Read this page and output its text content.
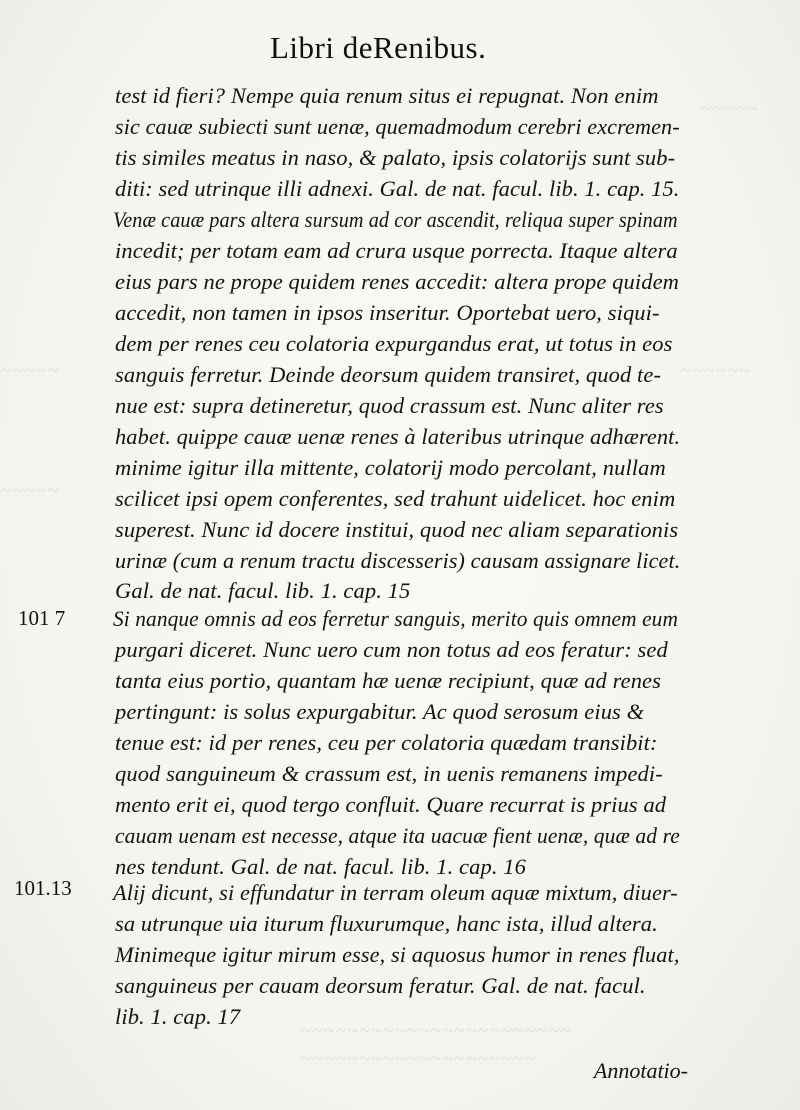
~~~~~
~~~~~~
~~~~~
~~~~~
~~~~~~~~~~~~~~~~~~~~~~~
~~~~~~~~~~~~~~~~~~~~
Libri deRenibus.
test id fieri? Nempe quia renum situs ei repugnat. Non enim
sic cauæ subiecti sunt uenæ, quemadmodum cerebri excremen-
tis similes meatus in naso, & palato, ipsis colatorijs sunt sub-
diti: sed utrinque illi adnexi. Gal. de nat. facul. lib. 1. cap. 15.
Venæ cauæ pars altera sursum ad cor ascendit, reliqua super spinam
incedit; per totam eam ad crura usque porrecta. Itaque altera
eius pars ne prope quidem renes accedit: altera prope quidem
accedit, non tamen in ipsos inseritur. Oportebat uero, siqui-
dem per renes ceu colatoria expurgandus erat, ut totus in eos
sanguis ferretur. Deinde deorsum quidem transiret, quod te-
nue est: supra detineretur, quod crassum est. Nunc aliter res
habet. quippe cauæ uenæ renes à lateribus utrinque adhærent.
minime igitur illa mittente, colatorij modo percolant, nullam
scilicet ipsi opem conferentes, sed trahunt uidelicet. hoc enim
superest. Nunc id docere institui, quod nec aliam separationis
urinæ (cum a renum tractu discesseris) causam assignare licet.
Gal. de nat. facul. lib. 1. cap. 15
101 7 Si nanque omnis ad eos ferretur sanguis, merito quis omnem eum
purgari diceret. Nunc uero cum non totus ad eos feratur: sed
tanta eius portio, quantam hæ uenæ recipiunt, quæ ad renes
pertingunt: is solus expurgabitur. Ac quod serosum eius &
tenue est: id per renes, ceu per colatoria quædam transibit:
quod sanguineum & crassum est, in uenis remanens impedi-
mento erit ei, quod tergo confluit. Quare recurrat is prius ad
cauam uenam est necesse, atque ita uacuæ fient uenæ, quæ ad re
nes tendunt. Gal. de nat. facul. lib. 1. cap. 16
101.13 Alij dicunt, si effundatur in terram oleum aquæ mixtum, diuer-
sa utrunque uia iturum fluxurumque, hanc ista, illud altera.
Minimeque igitur mirum esse, si aquosus humor in renes fluat,
sanguineus per cauam deorsum feratur. Gal. de nat. facul.
lib. 1. cap. 17
Annotatio-
